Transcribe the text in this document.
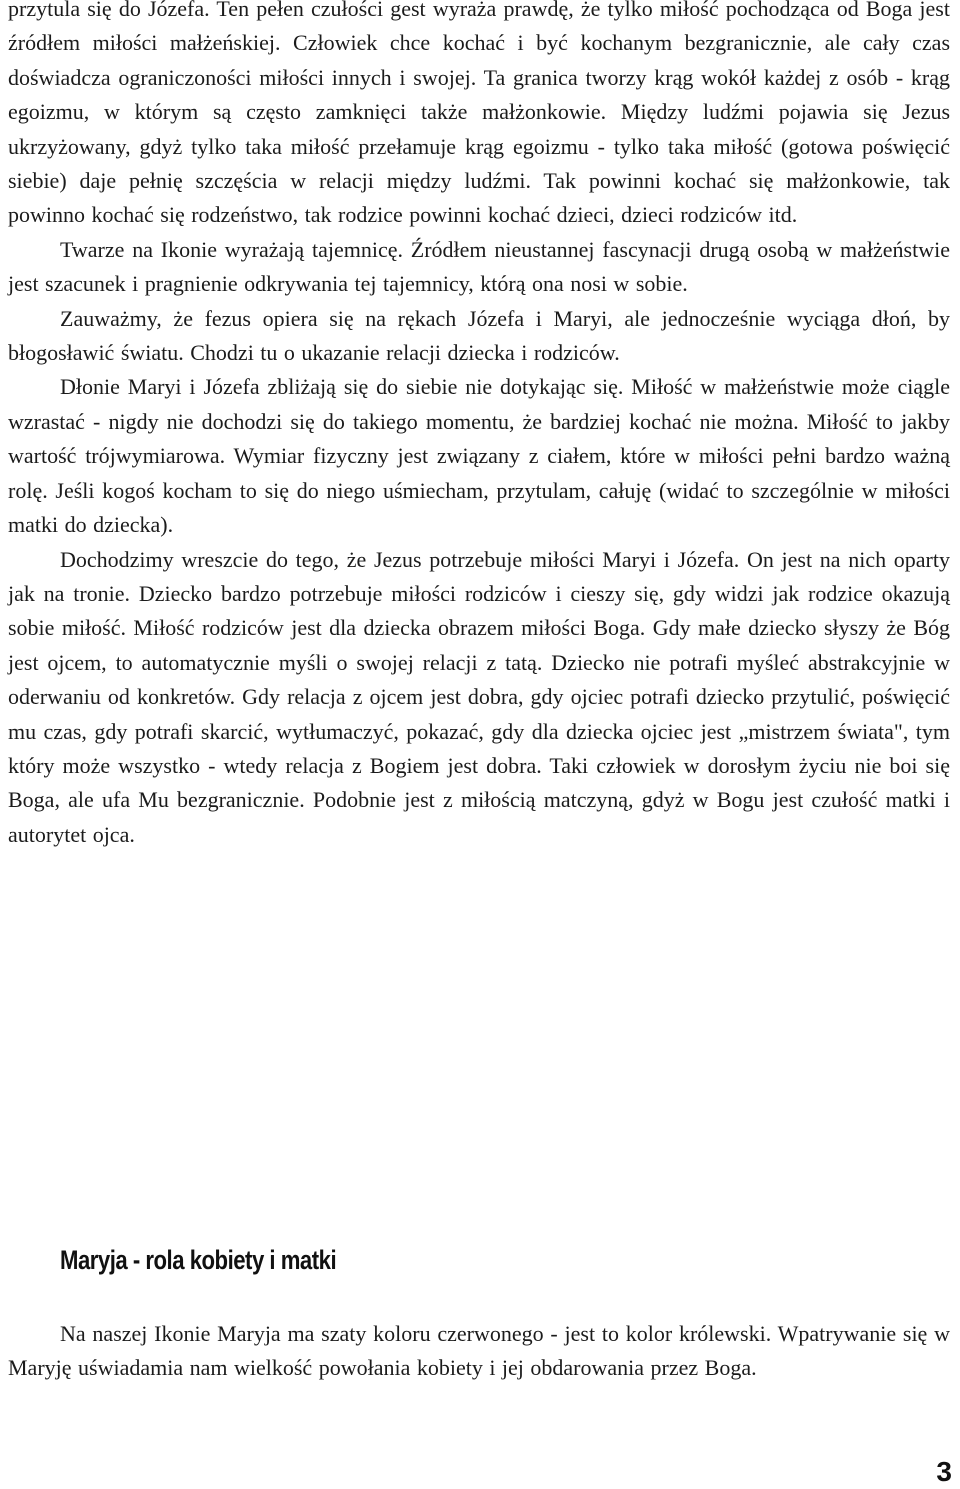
przytula się do Józefa. Ten pełen czułości gest wyraża prawdę, że tylko miłość pochodząca od Boga jest źródłem miłości małżeńskiej. Człowiek chce kochać i być kochanym bezgranicznie, ale cały czas doświadcza ograniczoności miłości innych i swojej. Ta granica tworzy krąg wokół każdej z osób - krąg egoizmu, w którym są często zamknięci także małżonkowie. Między ludźmi pojawia się Jezus ukrzyżowany, gdyż tylko taka miłość przełamuje krąg egoizmu - tylko taka miłość (gotowa poświęcić siebie) daje pełnię szczęścia w relacji między ludźmi. Tak powinni kochać się małżonkowie, tak powinno kochać się rodzeństwo, tak rodzice powinni kochać dzieci, dzieci rodziców itd.

Twarze na Ikonie wyrażają tajemnicę. Źródłem nieustannej fascynacji drugą osobą w małżeństwie jest szacunek i pragnienie odkrywania tej tajemnicy, którą ona nosi w sobie.

Zauważmy, że fezus opiera się na rękach Józefa i Maryi, ale jednocześnie wyciąga dłoń, by błogosławić światu. Chodzi tu o ukazanie relacji dziecka i rodziców.

Dłonie Maryi i Józefa zbliżają się do siebie nie dotykając się. Miłość w małżeństwie może ciągle wzrastać - nigdy nie dochodzi się do takiego momentu, że bardziej kochać nie można. Miłość to jakby wartość trójwymiarowa. Wymiar fizyczny jest związany z ciałem, które w miłości pełni bardzo ważną rolę. Jeśli kogoś kocham to się do niego uśmiecham, przytulam, całuję (widać to szczególnie w miłości matki do dziecka).

Dochodzimy wreszcie do tego, że Jezus potrzebuje miłości Maryi i Józefa. On jest na nich oparty jak na tronie. Dziecko bardzo potrzebuje miłości rodziców i cieszy się, gdy widzi jak rodzice okazują sobie miłość. Miłość rodziców jest dla dziecka obrazem miłości Boga. Gdy małe dziecko słyszy że Bóg jest ojcem, to automatycznie myśli o swojej relacji z tatą. Dziecko nie potrafi myśleć abstrakcyjnie w oderwaniu od konkretów. Gdy relacja z ojcem jest dobra, gdy ojciec potrafi dziecko przytulić, poświęcić mu czas, gdy potrafi skarcić, wytłumaczyć, pokazać, gdy dla dziecka ojciec jest „mistrzem świata", tym który może wszystko - wtedy relacja z Bogiem jest dobra. Taki człowiek w dorosłym życiu nie boi się Boga, ale ufa Mu bezgranicznie. Podobnie jest z miłością matczyną, gdyż w Bogu jest czułość matki i autorytet ojca.

Maryja - rola kobiety i matki

Na naszej Ikonie Maryja ma szaty koloru czerwonego - jest to kolor królewski. Wpatrywanie się w Maryję uświadamia nam wielkość powołania kobiety i jej obdarowania przez Boga.

3
